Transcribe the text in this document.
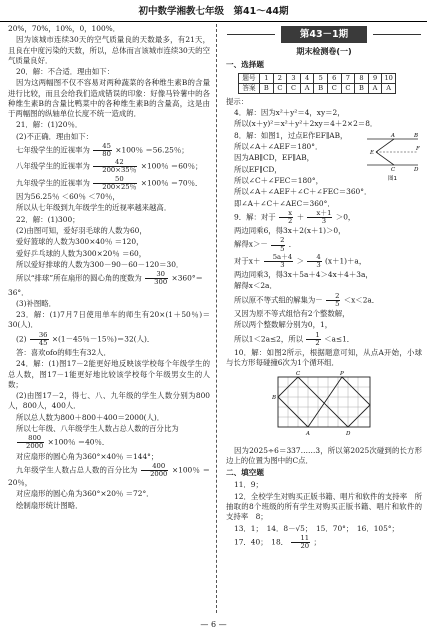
初中数学湘教七年级　第41～44期

20%，70%，10%，0，100%．

因为该城市连续30天的空气质量良的天数最多，有21天，且良在中度污染的天数，所以，总体而言该城市连续30天的空气质量良好．

20．解：不合适．理由如下：

因为这两幅图不仅不容易对两种蔬菜的各种维生素B的含量进行比较，而且会给我们造成错误的印象：好像马铃薯中的各种维生素B的含量比鸭菜中的各种维生素B的含量高，这是由于两幅图的纵轴单位长度不统一造成的．

21．解：(1)20％．

(2)不正确．理由如下：

七年级学生的近视率为 $\frac{45}{80} \times 100$％ ＝56.25％；

八年级学生的近视率为 $\frac{42}{200\times 35\%} \times 100$％ ＝60％；

九年级学生的近视率为 $\frac{50}{200\times 25\%} \times 100$％ ＝70％．

因为56.25％ ＜60％ ＜70％，

所以从七年级到九年级学生的近视率越来越高．

22．解：(1)300；

(2)由图可知，爱好羽毛球的人数为60，

爱好篮球的人数为300×40％ ＝120，

爱好乒乓球的人数为300×20％ ＝60，

所以爱好排球的人数为300－90－60－120＝30．

所以“排球”所在扇形的圆心角的度数为 $\frac{30}{300} \times 360^\circ=$

36°．

(3)补图略．

23．解：(1)7月7日使用单车的师生有20×(1＋50％)＝30(人)．

$(2) \frac{36}{45} \times(1-45$％－15％)＝32(人)．

答：喜欢ofo的师生有32人．

24．解：(1)图17－2能更好地反映该学校每个年级学生的总人数，图17－1能更好地比较该学校每个年级男女生的人数；

(2)由图17－2，得七、八、九年级的学生人数分别为800人，800人，400人．

所以总人数为800＋800＋400＝2000(人)．

所以七年级、八年级学生人数占总人数的百分比为

$\frac{800}{2000} \times 100$％ ＝40％．

对应扇形的圆心角为360°×40％ ＝144°；

九年级学生人数占总人数的百分比为 $\frac{400}{2000} \times 100$％ ＝20％，

对应扇形的圆心角为360°×20％ ＝72°．

绘制扇形统计图略．

第43－1期
期末检测卷(一)
一、选择题
题号	1	2	3	4	5	6	7	8	9	10
答案	B	C	C	A	B	C	C	B	A	A

提示：

4．解：因为x²＋y²＝4，xy＝2，

所以(x＋y)²＝x²＋y²＋2xy＝4＋2×2＝8．

A	B
C	D
E
F
图1

8．解：如图1，过点E作EF∥AB，

所以∠A＋∠AEF＝180°．

因为AB∥CD，EF∥AB，

所以EF∥CD，

所以∠C＋∠FEC＝180°，

所以∠A＋∠AEF＋∠C＋∠FEC＝360°．

即∠A＋∠C＋∠AEC＝360°．

9．解：对于 $\frac{x}{2} + \frac{x+1}{3} >0$，

两边同乘6，得3x＋2(x＋1)＞0，

解得$x>- \frac{2}{5}$ ．

对于$x+ \frac{5a+4}{3} > \frac{4}{3} (x+1)+a$，

两边同乘3，得3x＋5a＋4＞4x＋4＋3a，

解得x＜2a．

所以原不等式组的解集为－ $\frac{2}{5} <x<2a$．

又因为原不等式组恰有2个整数解，

所以两个整数解分别为0，1，

所以1＜2a≤2，所以 $\frac{1}{2} <a\le 1$．

10．解：如图2所示，根据题意可知，从点A开始，小球与长方形每碰撞6次为1个循环组．

A
B
C
D
P

因为2025÷6＝337……3，所以第2025次碰到的长方形边上的位置为图中的C点．

二、填空题

11．9；

12．全校学生对购买正版书籍、唱片和软件的支持率　所抽取的8个班级的所有学生对购买正版书籍、唱片和软件的支持率　8；

13．1；　14．8－√5；　15．70°；　16．105°；

17．40；　18． $\frac{11}{20}$ ；

— 6 —
